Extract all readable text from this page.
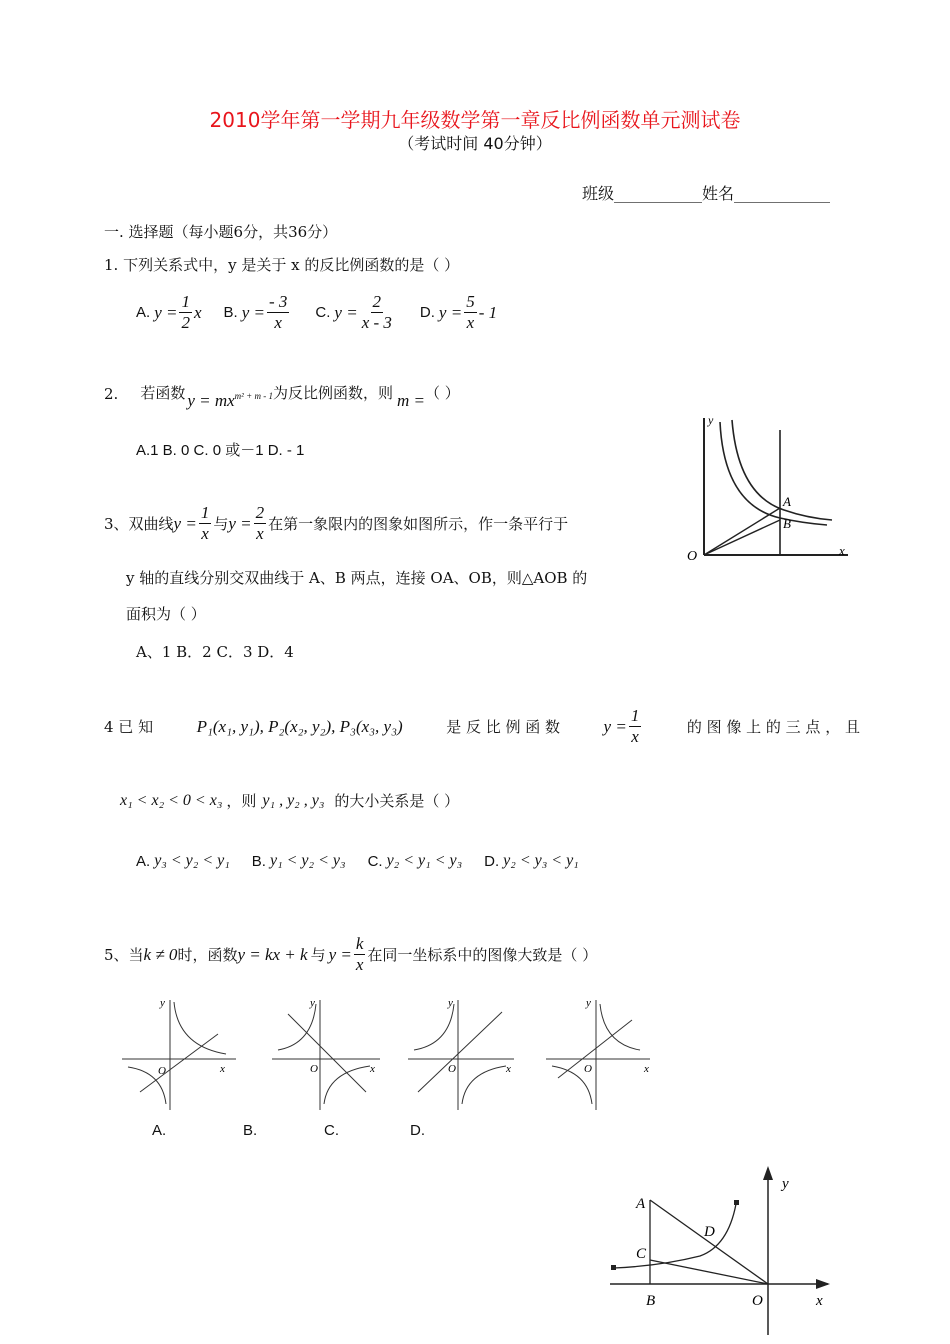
2010学年第一学期九年级数学第一章反比例函数单元测试卷
（考试时间 40分钟）
班级___________姓名____________
一. 选择题（每小题6分，共36分）
1. 下列关系式中，y 是关于 x 的反比例函数的是（ ）
A. $y = \frac{1}{2}$ x B. $y = \frac{- 3}{x} C$. $y = \frac{2}{x - 3} D$. $y = \frac{5}{x} - 1$
2. 若函数 $y = mx^{m^2 + m - 1}$ 为反比例函数，则 m = （ ）
A.1 B. 0 C. 0 或－1 D. - 1
3、双曲线 $y = \frac{1}{x}$ 与 $y = \frac{2}{x}$ 在第一象限内的图象如图所示，作一条平行于
y 轴的直线分别交双曲线于 A、B 两点，连接 OA、OB，则△AOB 的
面积为（ ）
A、1 B．2 C．3 D．4
A
B
O	x
y
4 已 知	P₁(x₁, y₁), P₂(x₂, y₂), P₃(x₃, y₃)	是 反 比 例 函 数	$y = \frac{1}{x}$	的 图 像 上 的 三 点 ， 且
x₁ < x₂ < 0 < x₃ ，则 y₁ , y₂ , y₃ 的大小关系是（ ）
A. y₃ < y₂ < y₁ B. y₁ < y₂ < y₃ C. y₂ < y₁ < y₃ D. y₂ < y₃ < y₁
5、当 k ≠ 0 时，函数 y = kx + k 与 $y = \frac{k}{x}$ 在同一坐标系中的图像大致是（ ）
O	x
y
O	x
y
O	x
y
O	x
y
A.	B.	C.	D.
A
C
D
B	O	x
y
